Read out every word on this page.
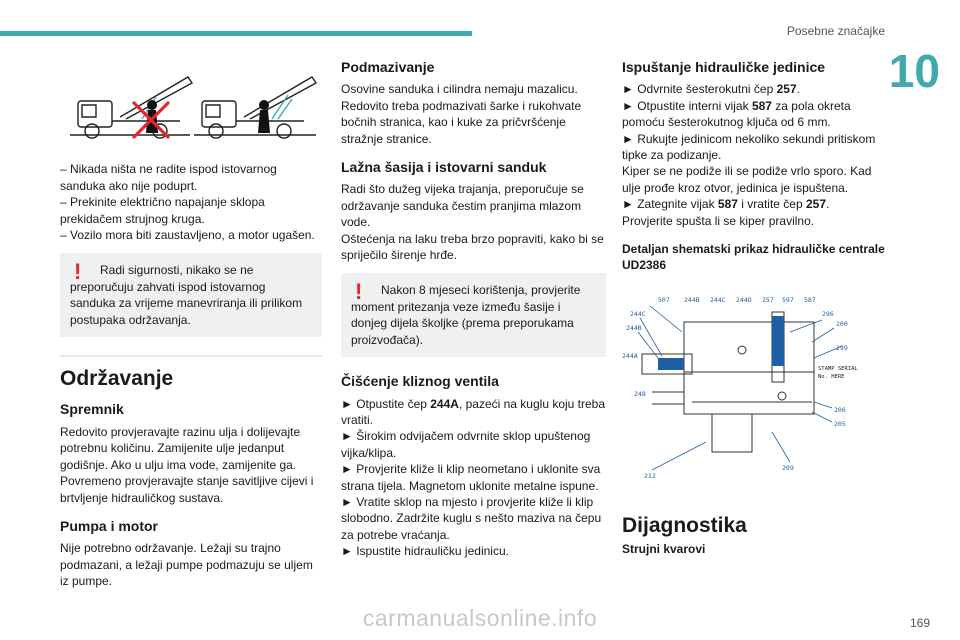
Posebne značajke
10
– Nikada ništa ne radite ispod istovarnog sanduka ako nije poduprt.
– Prekinite električno napajanje sklopa prekidačem strujnog kruga.
– Vozilo mora biti zaustavljeno, a motor ugašen.
!	Radi sigurnosti, nikako se ne preporučuju zahvati ispod istovarnog sanduka za vrijeme manevriranja ili prilikom postupaka održavanja.
Održavanje
Spremnik

Redovito provjeravajte razinu ulja i dolijevajte potrebnu količinu. Zamijenite ulje jedanput godišnje. Ako u ulju ima vode, zamijenite ga. Povremeno provjeravajte stanje savitljive cijevi i brtvljenje hidrauličkog sustava.

Pumpa i motor

Nije potrebno održavanje. Ležaji su trajno podmazani, a ležaji pumpe podmazuju se uljem iz pumpe.

Podmazivanje

Osovine sanduka i cilindra nemaju mazalicu. Redovito treba podmazivati šarke i rukohvate bočnih stranica, kao i kuke za pričvršćenje stražnje stranice.

Lažna šasija i istovarni sanduk
Radi što dužeg vijeka trajanja, preporučuje se održavanje sanduka čestim pranjima mlazom vode.
Oštećenja na laku treba brzo popraviti, kako bi se spriječilo širenje hrđe.
!	Nakon 8 mjeseci korištenja, provjerite moment pritezanja veze između šasije i donjeg dijela školjke (prema preporukama proizvođača).
Čišćenje kliznog ventila
► Otpustite čep 244A, pazeći na kuglu koju treba vratiti.
► Širokim odvijačem odvrnite sklop upuštenog vijka/klipa.
► Provjerite kliže li klip neometano i uklonite sva strana tijela. Magnetom uklonite metalne ispune.
► Vratite sklop na mjesto i provjerite kliže li klip slobodno. Zadržite kuglu s nešto maziva na čepu za potrebe vraćanja.
► Ispustite hidrauličku jedinicu.
Ispuštanje hidrauličke jedinice
► Odvrnite šesterokutni čep 257.
► Otpustite interni vijak 587 za pola okreta pomoću šesterokutnog ključa od 6 mm.
► Rukujte jedinicom nekoliko sekundi pritiskom tipke za podizanje.
Kiper se ne podiže ili se podiže vrlo sporo. Kad ulje prođe kroz otvor, jedinica je ispuštena.
► Zategnite vijak 587 i vratite čep 257.
Provjerite spušta li se kiper pravilno.
Detaljan shematski prikaz hidrauličke centrale UD2386
507 244B 244C 244D 257 597 587
244C
244B
244A
248
212
209
205
206
299
200
296
STAMP SERIAL
No. HERE
Dijagnostika
Strujni kvarovi
169
carmanualsonline.info
